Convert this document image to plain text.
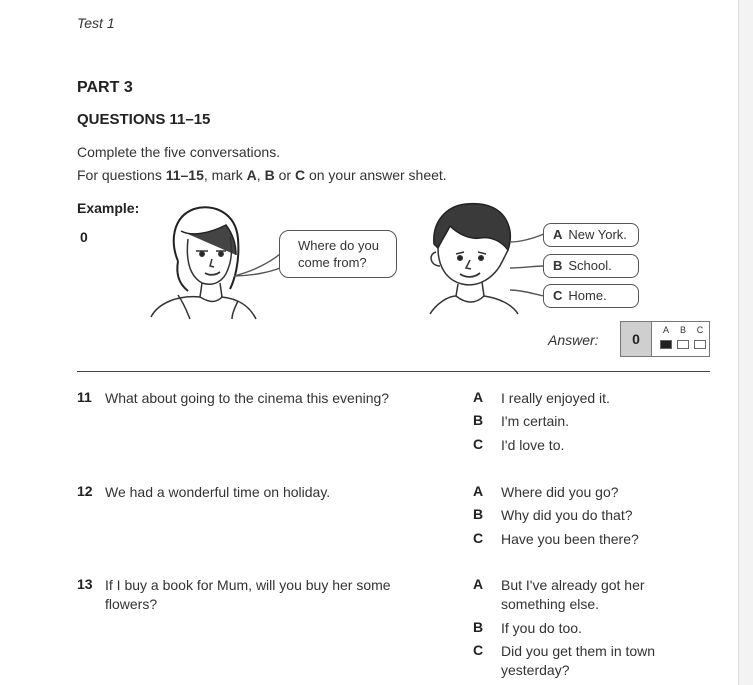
Test 1
PART 3
QUESTIONS 11–15
Complete the five conversations.
For questions 11–15, mark A, B or C on your answer sheet.
Example:
0
Where do you
come from?
A New York.
B School.
C Home.
Answer:	0
A	B	C
11 What about going to the cinema this evening?	A I really enjoyed it.
B I'm certain.
C I'd love to.
12 We had a wonderful time on holiday.	A Where did you go?
B Why did you do that?
C Have you been there?
13 If I buy a book for Mum, will you buy her some flowers?
A But I've already got her something else.
B If you do too.
C Did you get them in town yesterday?
